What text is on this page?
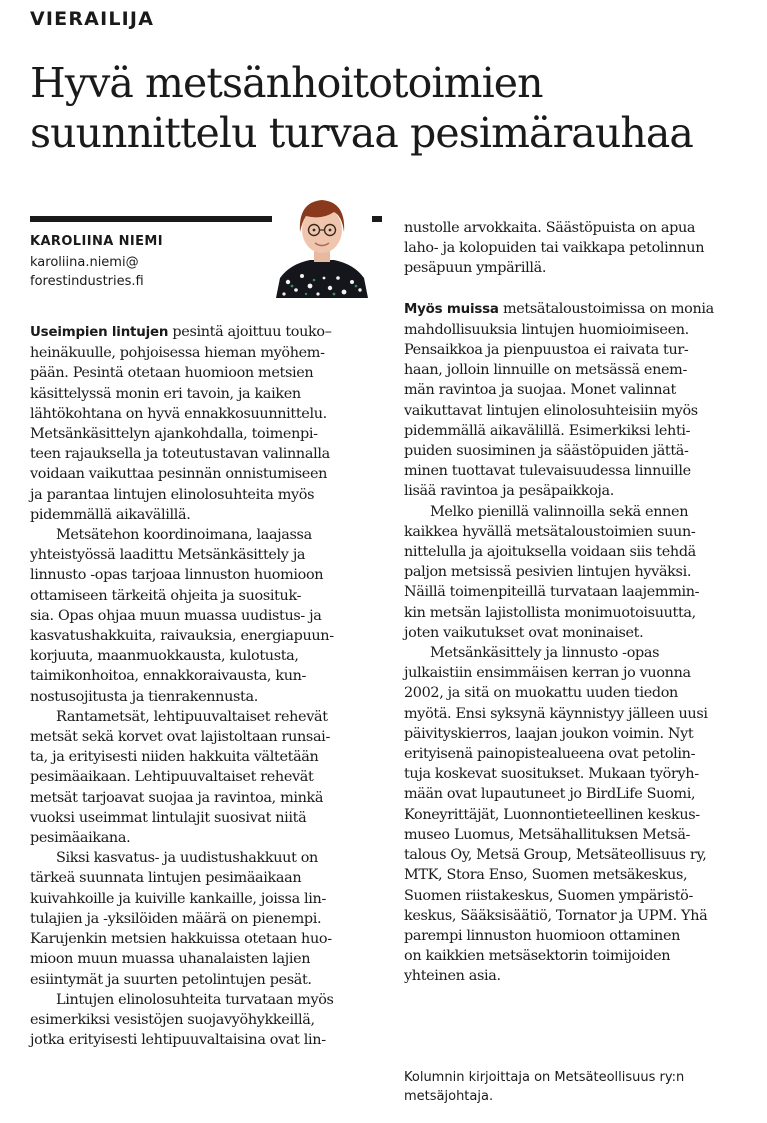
VIERAILIJA
Hyvä metsänhoitotoimien
suunnittelu turvaa pesimärauhaa
KAROLIINA NIEMI
karoliina.niemi@
forestindustries.fi
Useimpien lintujen pesintä ajoittuu touko–
heinäkuulle, pohjoisessa hieman myöhem-
pään. Pesintä otetaan huomioon metsien
käsittelyssä monin eri tavoin, ja kaiken
lähtökohtana on hyvä ennakkosuunnittelu.
Metsänkäsittelyn ajankohdalla, toimenpi-
teen rajauksella ja toteutustavan valinnalla
voidaan vaikuttaa pesinnän onnistumiseen
ja parantaa lintujen elinolosuhteita myös
pidemmällä aikavälillä.
Metsätehon koordinoimana, laajassa
yhteistyössä laadittu Metsänkäsittely ja
linnusto -opas tarjoaa linnuston huomioon
ottamiseen tärkeitä ohjeita ja suosituk-
sia. Opas ohjaa muun muassa uudistus- ja
kasvatushakkuita, raivauksia, energiapuun-
korjuuta, maanmuokkausta, kulotusta,
taimikonhoitoa, ennakkoraivausta, kun-
nostusojitusta ja tienrakennusta.
Rantametsät, lehtipuuvaltaiset rehevät
metsät sekä korvet ovat lajistoltaan runsai-
ta, ja erityisesti niiden hakkuita vältetään
pesimäaikaan. Lehtipuuvaltaiset rehevät
metsät tarjoavat suojaa ja ravintoa, minkä
vuoksi useimmat lintulajit suosivat niitä
pesimäaikana.
Siksi kasvatus- ja uudistushakkuut on
tärkeä suunnata lintujen pesimäaikaan
kuivahkoille ja kuiville kankaille, joissa lin-
tulajien ja -yksilöiden määrä on pienempi.
Karujenkin metsien hakkuissa otetaan huo-
mioon muun muassa uhanalaisten lajien
esiintymät ja suurten petolintujen pesät.
Lintujen elinolosuhteita turvataan myös
esimerkiksi vesistöjen suojavyöhykkeillä,
jotka erityisesti lehtipuuvaltaisina ovat lin-
nustolle arvokkaita. Säästöpuista on apua
laho- ja kolopuiden tai vaikkapa petolinnun
pesäpuun ympärillä.
Myös muissa metsätaloustoimissa on monia
mahdollisuuksia lintujen huomioimiseen.
Pensaikkoa ja pienpuustoa ei raivata tur-
haan, jolloin linnuille on metsässä enem-
män ravintoa ja suojaa. Monet valinnat
vaikuttavat lintujen elinolosuhteisiin myös
pidemmällä aikavälillä. Esimerkiksi lehti-
puiden suosiminen ja säästöpuiden jättä-
minen tuottavat tulevaisuudessa linnuille
lisää ravintoa ja pesäpaikkoja.
Melko pienillä valinnoilla sekä ennen
kaikkea hyvällä metsätaloustoimien suun-
nittelulla ja ajoituksella voidaan siis tehdä
paljon metsissä pesivien lintujen hyväksi.
Näillä toimenpiteillä turvataan laajemmin-
kin metsän lajistollista monimuotoisuutta,
joten vaikutukset ovat moninaiset.
Metsänkäsittely ja linnusto -opas
julkaistiin ensimmäisen kerran jo vuonna
2002, ja sitä on muokattu uuden tiedon
myötä. Ensi syksynä käynnistyy jälleen uusi
päivityskierros, laajan joukon voimin. Nyt
erityisenä painopistealueena ovat petolin-
tuja koskevat suositukset. Mukaan työryh-
mään ovat lupautuneet jo BirdLife Suomi,
Koneyrittäjät, Luonnontieteellinen keskus-
museo Luomus, Metsähallituksen Metsä-
talous Oy, Metsä Group, Metsäteollisuus ry,
MTK, Stora Enso, Suomen metsäkeskus,
Suomen riistakeskus, Suomen ympäristö-
keskus, Sääksisäätiö, Tornator ja UPM. Yhä
parempi linnuston huomioon ottaminen
on kaikkien metsäsektorin toimijoiden
yhteinen asia.
Kolumnin kirjoittaja on Metsäteollisuus ry:n
metsäjohtaja.
